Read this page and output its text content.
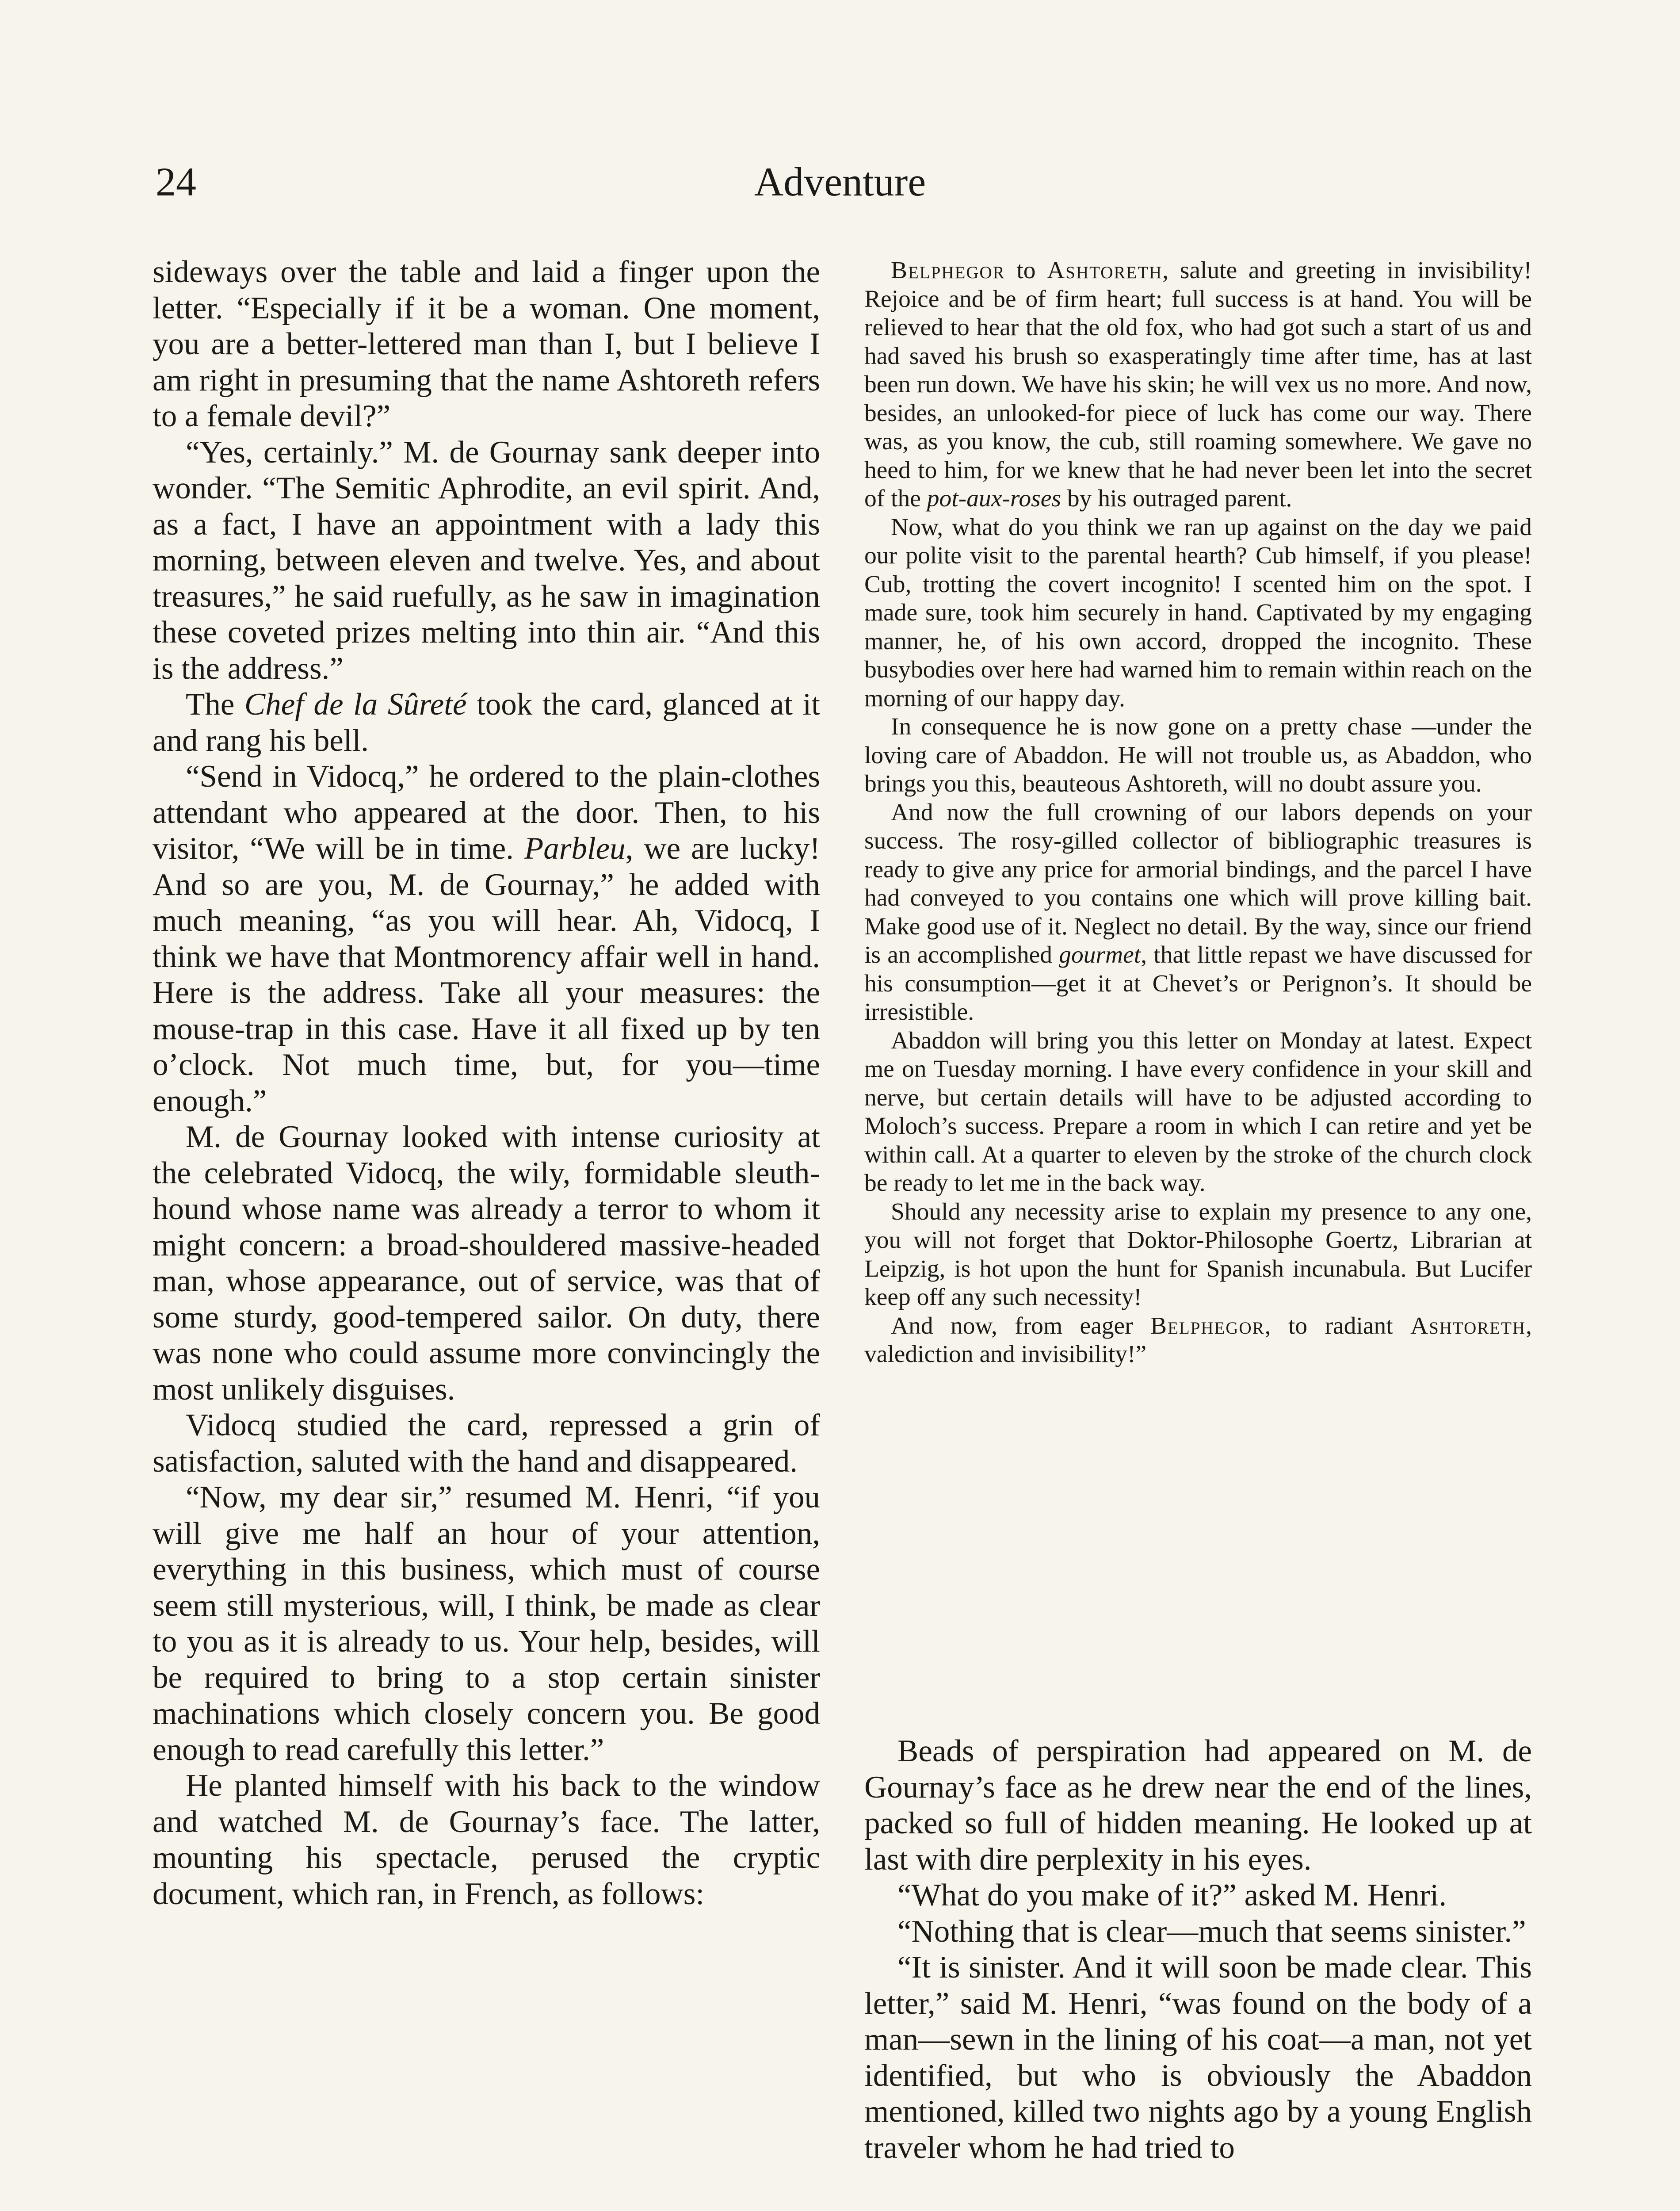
24	Adventure

sideways over the table and laid a finger upon the letter. “Especially if it be a woman. One moment, you are a better-lettered man than I, but I believe I am right in presuming that the name Ashtoreth refers to a female devil?”

“Yes, certainly.” M. de Gournay sank deeper into wonder. “The Semitic Aphrodite, an evil spirit. And, as a fact, I have an appointment with a lady this morning, between eleven and twelve. Yes, and about treasures,” he said ruefully, as he saw in imagination these coveted prizes melting into thin air. “And this is the address.”

The Chef de la Sûreté took the card, glanced at it and rang his bell.

“Send in Vidocq,” he ordered to the plain-clothes attendant who appeared at the door. Then, to his visitor, “We will be in time. Parbleu, we are lucky! And so are you, M. de Gournay,” he added with much meaning, “as you will hear. Ah, Vidocq, I think we have that Montmorency affair well in hand. Here is the address. Take all your measures: the mouse-trap in this case. Have it all fixed up by ten o’clock. Not much time, but, for you—time enough.”

M. de Gournay looked with intense curiosity at the celebrated Vidocq, the wily, formidable sleuth-hound whose name was already a terror to whom it might concern: a broad-shouldered massive-headed man, whose appearance, out of service, was that of some sturdy, good-tempered sailor. On duty, there was none who could assume more convincingly the most unlikely disguises.

Vidocq studied the card, repressed a grin of satisfaction, saluted with the hand and disappeared.

“Now, my dear sir,” resumed M. Henri, “if you will give me half an hour of your attention, everything in this business, which must of course seem still mysterious, will, I think, be made as clear to you as it is already to us. Your help, besides, will be required to bring to a stop certain sinister machinations which closely concern you. Be good enough to read carefully this letter.”

He planted himself with his back to the window and watched M. de Gournay’s face. The latter, mounting his spectacle, perused the cryptic document, which ran, in French, as follows:

Belphegor to Ashtoreth, salute and greeting in invisibility! Rejoice and be of firm heart; full success is at hand. You will be relieved to hear that the old fox, who had got such a start of us and had saved his brush so exasperatingly time after time, has at last been run down. We have his skin; he will vex us no more. And now, besides, an unlooked-for piece of luck has come our way. There was, as you know, the cub, still roaming somewhere. We gave no heed to him, for we knew that he had never been let into the secret of the pot-aux-roses by his outraged parent.

Now, what do you think we ran up against on the day we paid our polite visit to the parental hearth? Cub himself, if you please! Cub, trotting the covert incognito! I scented him on the spot. I made sure, took him securely in hand. Captivated by my engaging manner, he, of his own accord, dropped the incognito. These busybodies over here had warned him to remain within reach on the morning of our happy day.

In consequence he is now gone on a pretty chase —under the loving care of Abaddon. He will not trouble us, as Abaddon, who brings you this, beauteous Ashtoreth, will no doubt assure you.

And now the full crowning of our labors depends on your success. The rosy-gilled collector of bibliographic treasures is ready to give any price for armorial bindings, and the parcel I have had conveyed to you contains one which will prove killing bait. Make good use of it. Neglect no detail. By the way, since our friend is an accomplished gourmet, that little repast we have discussed for his consumption—get it at Chevet’s or Perignon’s. It should be irresistible.

Abaddon will bring you this letter on Monday at latest. Expect me on Tuesday morning. I have every confidence in your skill and nerve, but certain details will have to be adjusted according to Moloch’s success. Prepare a room in which I can retire and yet be within call. At a quarter to eleven by the stroke of the church clock be ready to let me in the back way.

Should any necessity arise to explain my presence to any one, you will not forget that Doktor-Philosophe Goertz, Librarian at Leipzig, is hot upon the hunt for Spanish incunabula. But Lucifer keep off any such necessity!

And now, from eager Belphegor, to radiant Ashtoreth, valediction and invisibility!”

Beads of perspiration had appeared on M. de Gournay’s face as he drew near the end of the lines, packed so full of hidden meaning. He looked up at last with dire perplexity in his eyes.

“What do you make of it?” asked M. Henri.

“Nothing that is clear—much that seems sinister.”

“It is sinister. And it will soon be made clear. This letter,” said M. Henri, “was found on the body of a man—sewn in the lining of his coat—a man, not yet identified, but who is obviously the Abaddon mentioned, killed two nights ago by a young English traveler whom he had tried to
